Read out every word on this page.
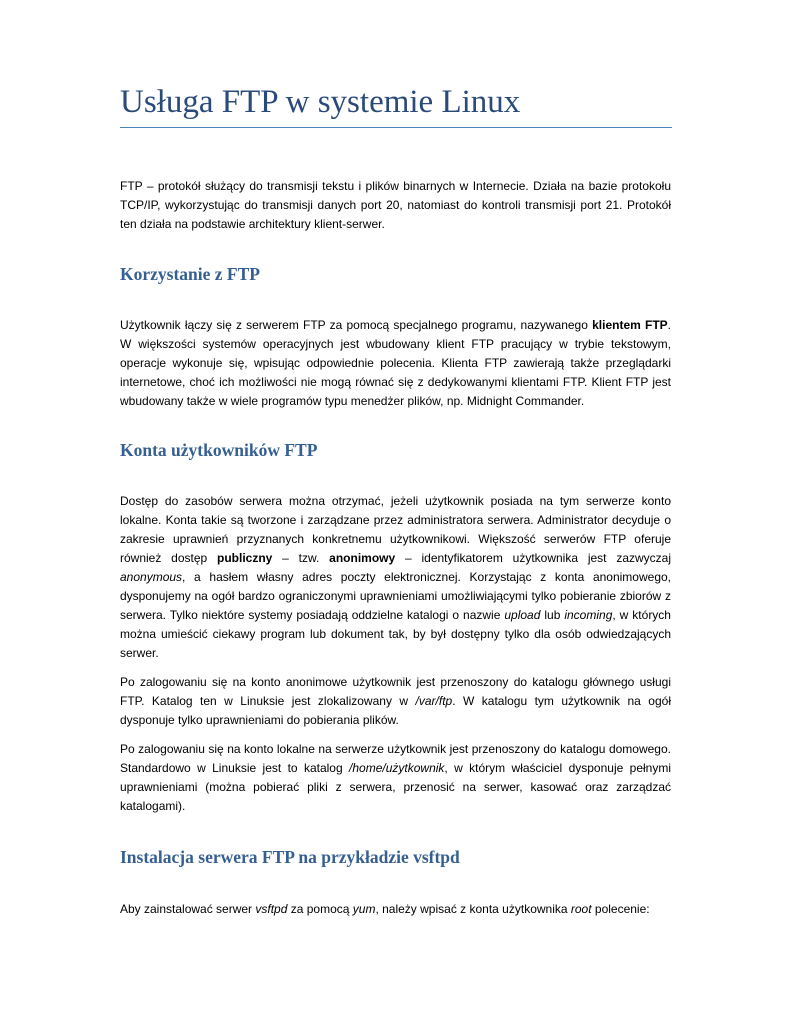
Usługa FTP w systemie Linux

FTP – protokół służący do transmisji tekstu i plików binarnych w Internecie. Działa na bazie protokołu TCP/IP, wykorzystując do transmisji danych port 20, natomiast do kontroli transmisji port 21. Protokół ten działa na podstawie architektury klient-serwer.

Korzystanie z FTP

Użytkownik łączy się z serwerem FTP za pomocą specjalnego programu, nazywanego klientem FTP. W większości systemów operacyjnych jest wbudowany klient FTP pracujący w trybie tekstowym, operacje wykonuje się, wpisując odpowiednie polecenia. Klienta FTP zawierają także przeglądarki internetowe, choć ich możliwości nie mogą równać się z dedykowanymi klientami FTP. Klient FTP jest wbudowany także w wiele programów typu menedżer plików, np. Midnight Commander.

Konta użytkowników FTP

Dostęp do zasobów serwera można otrzymać, jeżeli użytkownik posiada na tym serwerze konto lokalne. Konta takie są tworzone i zarządzane przez administratora serwera. Administrator decyduje o zakresie uprawnień przyznanych konkretnemu użytkownikowi. Większość serwerów FTP oferuje również dostęp publiczny – tzw. anonimowy – identyfikatorem użytkownika jest zazwyczaj anonymous, a hasłem własny adres poczty elektronicznej. Korzystając z konta anonimowego, dysponujemy na ogół bardzo ograniczonymi uprawnieniami umożliwiającymi tylko pobieranie zbiorów z serwera. Tylko niektóre systemy posiadają oddzielne katalogi o nazwie upload lub incoming, w których można umieścić ciekawy program lub dokument tak, by był dostępny tylko dla osób odwiedzających serwer.

Po zalogowaniu się na konto anonimowe użytkownik jest przenoszony do katalogu głównego usługi FTP. Katalog ten w Linuksie jest zlokalizowany w /var/ftp. W katalogu tym użytkownik na ogół dysponuje tylko uprawnieniami do pobierania plików.

Po zalogowaniu się na konto lokalne na serwerze użytkownik jest przenoszony do katalogu domowego. Standardowo w Linuksie jest to katalog /home/użytkownik, w którym właściciel dysponuje pełnymi uprawnieniami (można pobierać pliki z serwera, przenosić na serwer, kasować oraz zarządzać katalogami).

Instalacja serwera FTP na przykładzie vsftpd

Aby zainstalować serwer vsftpd za pomocą yum, należy wpisać z konta użytkownika root polecenie:
